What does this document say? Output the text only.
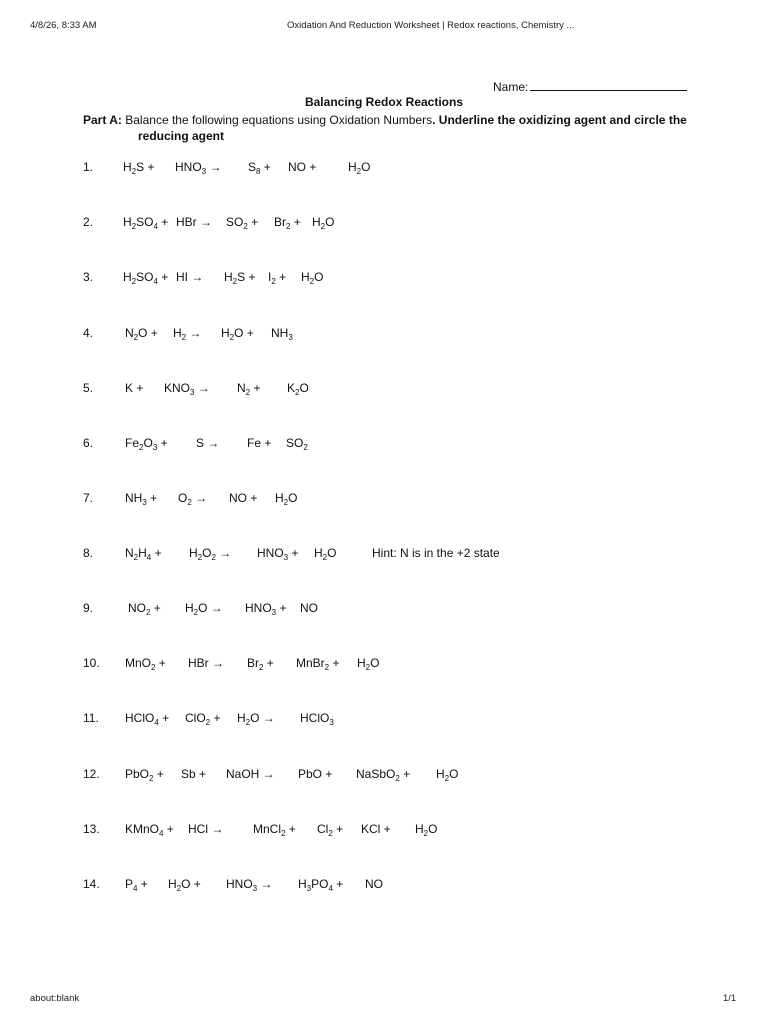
4/8/26, 8:33 AM	Oxidation And Reduction Worksheet | Redox reactions, Chemistry ...
Name:
Balancing Redox Reactions
Part A: Balance the following equations using Oxidation Numbers. Underline the oxidizing agent and circle the
reducing agent
1. $H_2S + HNO_3 \to S_8$ + NO +	$H_2O$
2. $H_2SO_4$ + HBr → $SO_2 + Br_2 + H_2O$
3. $H_2SO_4$ + HI → $H_2S + I_2 + H_2O$
4.	$N_2O + H_2 \to H_2O + NH_3$
5.	$K + KNO_3 \to N_2 + K_2O$
6.	$Fe_2O_3 + S \to Fe + SO_2$
7.	$NH_3 + O_2$ → NO + $H_2O$
8.	$N_2H_4 + H_2O_2 \to HNO_3 + H_2O$	Hint: N is in the +2 state
9.	$NO_2 + H_2O \to HNO_3$ + NO
10. MnO$_2$ + HBr → $Br_2$ + MnBr$_2$ + $H_2O$
11. HClO$_4$ + $ClO_2 + H_2O$ → HClO$_3$
12. PbO$_2$ + Sb + NaOH → PbO + NaSbO$_2$ + $H_2O$
13. KMnO$_4$ + HCl → MnCl$_2$ + $Cl_2$ + KCl + $H_2O$
14. $P_4 + H_2O + HNO_3 \to H_3PO_4$ + NO
about:blank	1/1
